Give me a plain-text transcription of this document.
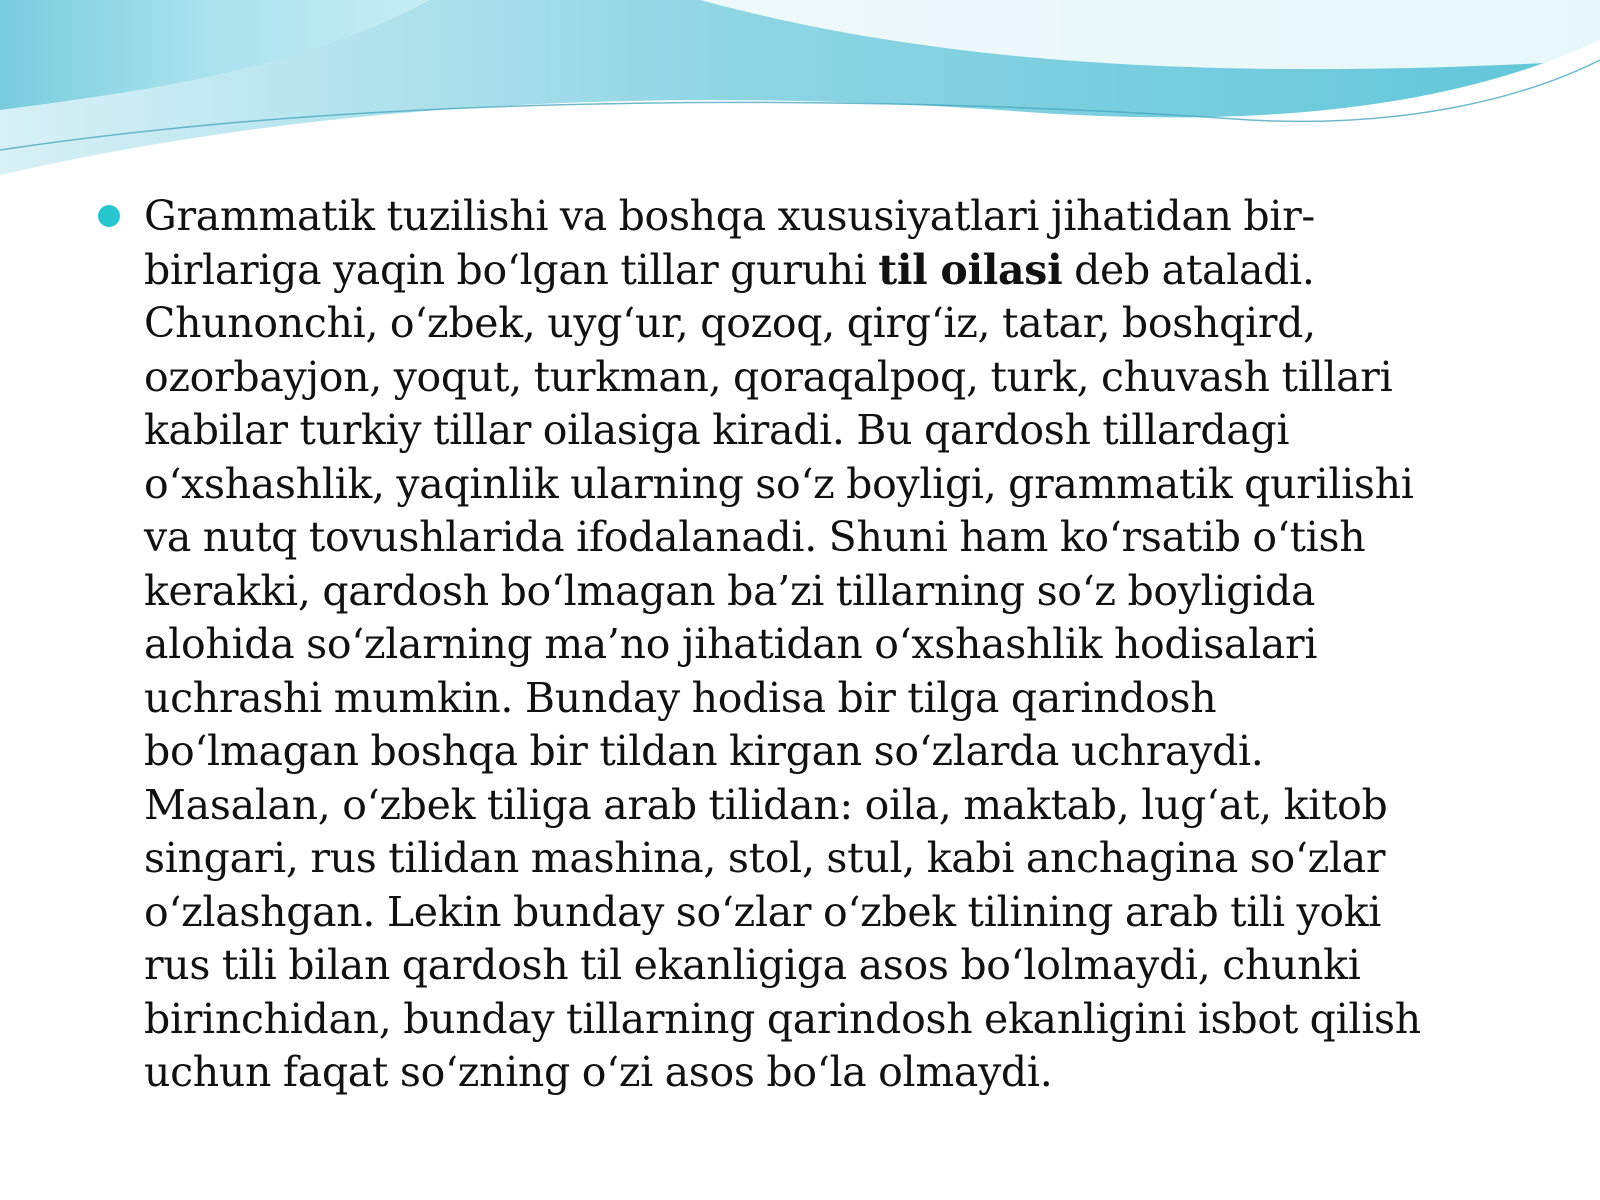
Grammatik tuzilishi va boshqa xususiyatlari jihatidan bir-
birlariga yaqin bo‘lgan tillar guruhi til oilasi deb ataladi.
Chunonchi, o‘zbek, uyg‘ur, qozoq, qirg‘iz, tatar, boshqird,
ozorbayjon, yoqut, turkman, qoraqalpoq, turk, chuvash tillari
kabilar turkiy tillar oilasiga kiradi. Bu qardosh tillardagi
o‘xshashlik, yaqinlik ularning so‘z boyligi, grammatik qurilishi
va nutq tovushlarida ifodalanadi. Shuni ham ko‘rsatib o‘tish
kerakki, qardosh bo‘lmagan ba’zi tillarning so‘z boyligida
alohida so‘zlarning ma’no jihatidan o‘xshashlik hodisalari
uchrashi mumkin. Bunday hodisa bir tilga qarindosh
bo‘lmagan boshqa bir tildan kirgan so‘zlarda uchraydi.
Masalan, o‘zbek tiliga arab tilidan: oila, maktab, lug‘at, kitob
singari, rus tilidan mashina, stol, stul, kabi anchagina so‘zlar
o‘zlashgan. Lekin bunday so‘zlar o‘zbek tilining arab tili yoki
rus tili bilan qardosh til ekanligiga asos bo‘lolmaydi, chunki
birinchidan, bunday tillarning qarindosh ekanligini isbot qilish
uchun faqat so‘zning o‘zi asos bo‘la olmaydi.
